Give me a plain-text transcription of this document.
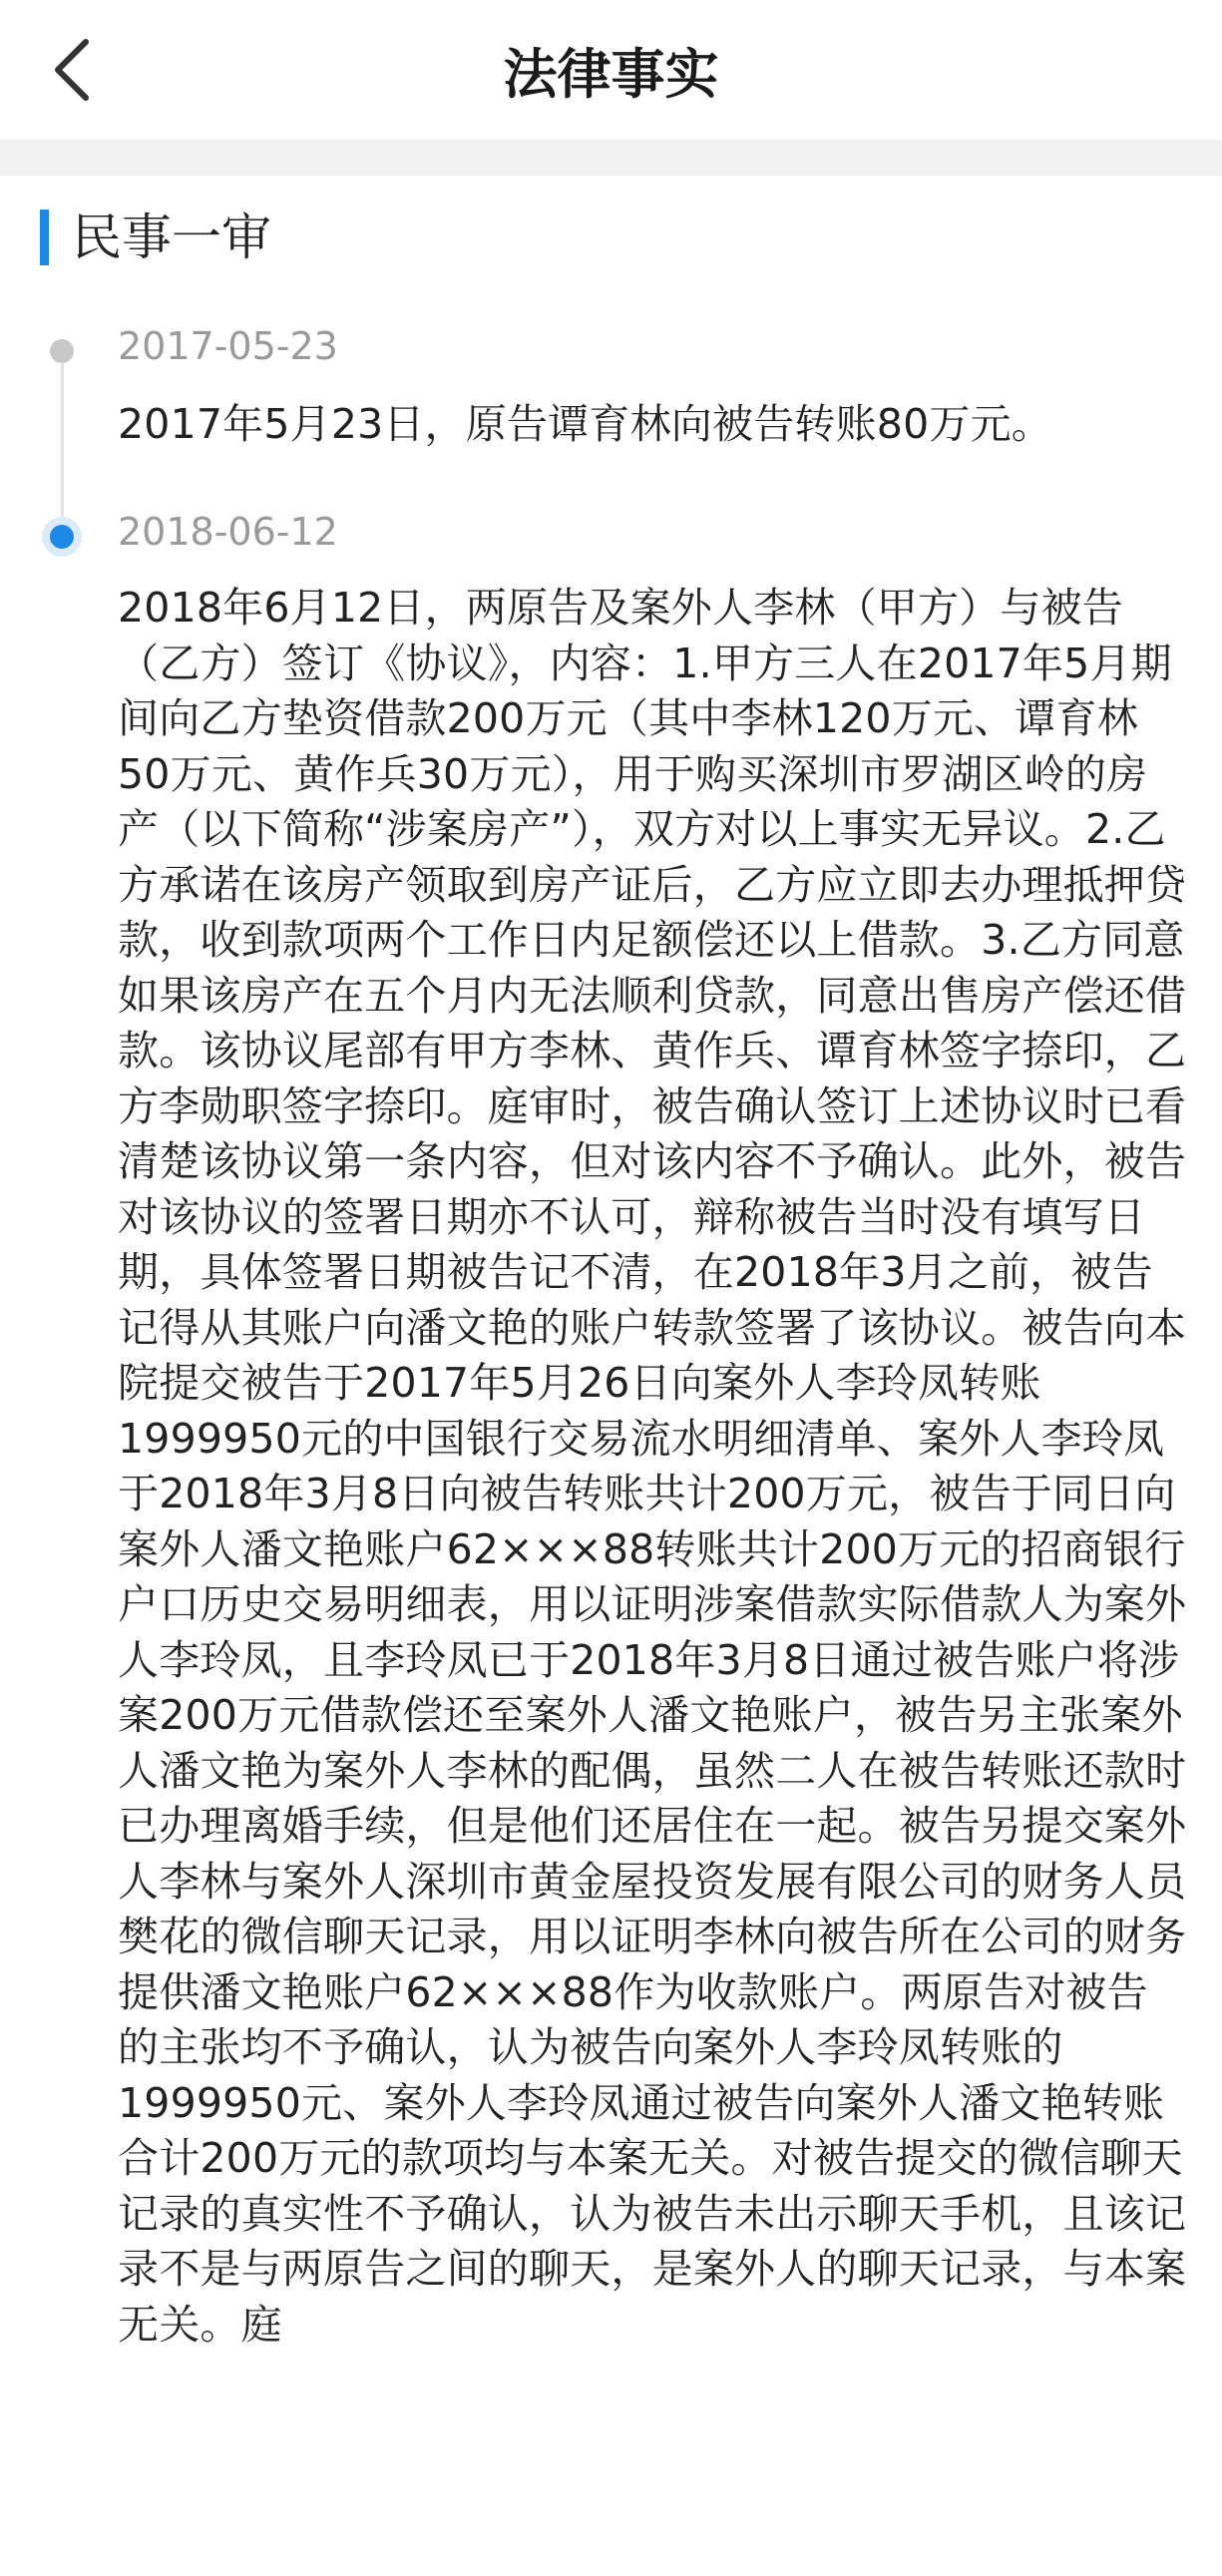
法律事实
民事一审
2017-05-23
2017年5月23日，原告谭育林向被告转账80万元。
2018-06-12
2018年6月12日，两原告及案外人李林（甲方）与被告（乙方）签订《协议》，内容：1.甲方三人在2017年5月期间向乙方垫资借款200万元（其中李林120万元、谭育林50万元、黄作兵30万元），用于购买深圳市罗湖区岭的房产（以下简称“涉案房产”），双方对以上事实无异议。2.乙方承诺在该房产领取到房产证后，乙方应立即去办理抵押贷款，收到款项两个工作日内足额偿还以上借款。3.乙方同意如果该房产在五个月内无法顺利贷款，同意出售房产偿还借款。该协议尾部有甲方李林、黄作兵、谭育林签字捺印，乙方李勋职签字捺印。庭审时，被告确认签订上述协议时已看清楚该协议第一条内容，但对该内容不予确认。此外，被告对该协议的签署日期亦不认可，辩称被告当时没有填写日期，具体签署日期被告记不清，在2018年3月之前，被告记得从其账户向潘文艳的账户转款签署了该协议。被告向本院提交被告于2017年5月26日向案外人李玲凤转账1999950元的中国银行交易流水明细清单、案外人李玲凤于2018年3月8日向被告转账共计200万元，被告于同日向案外人潘文艳账户62×××88转账共计200万元的招商银行户口历史交易明细表，用以证明涉案借款实际借款人为案外人李玲凤，且李玲凤已于2018年3月8日通过被告账户将涉案200万元借款偿还至案外人潘文艳账户，被告另主张案外人潘文艳为案外人李林的配偶，虽然二人在被告转账还款时已办理离婚手续，但是他们还居住在一起。被告另提交案外人李林与案外人深圳市黄金屋投资发展有限公司的财务人员樊花的微信聊天记录，用以证明李林向被告所在公司的财务提供潘文艳账户62×××88作为收款账户。两原告对被告的主张均不予确认，认为被告向案外人李玲凤转账的1999950元、案外人李玲凤通过被告向案外人潘文艳转账合计200万元的款项均与本案无关。对被告提交的微信聊天记录的真实性不予确认，认为被告未出示聊天手机，且该记录不是与两原告之间的聊天，是案外人的聊天记录，与本案无关。庭
